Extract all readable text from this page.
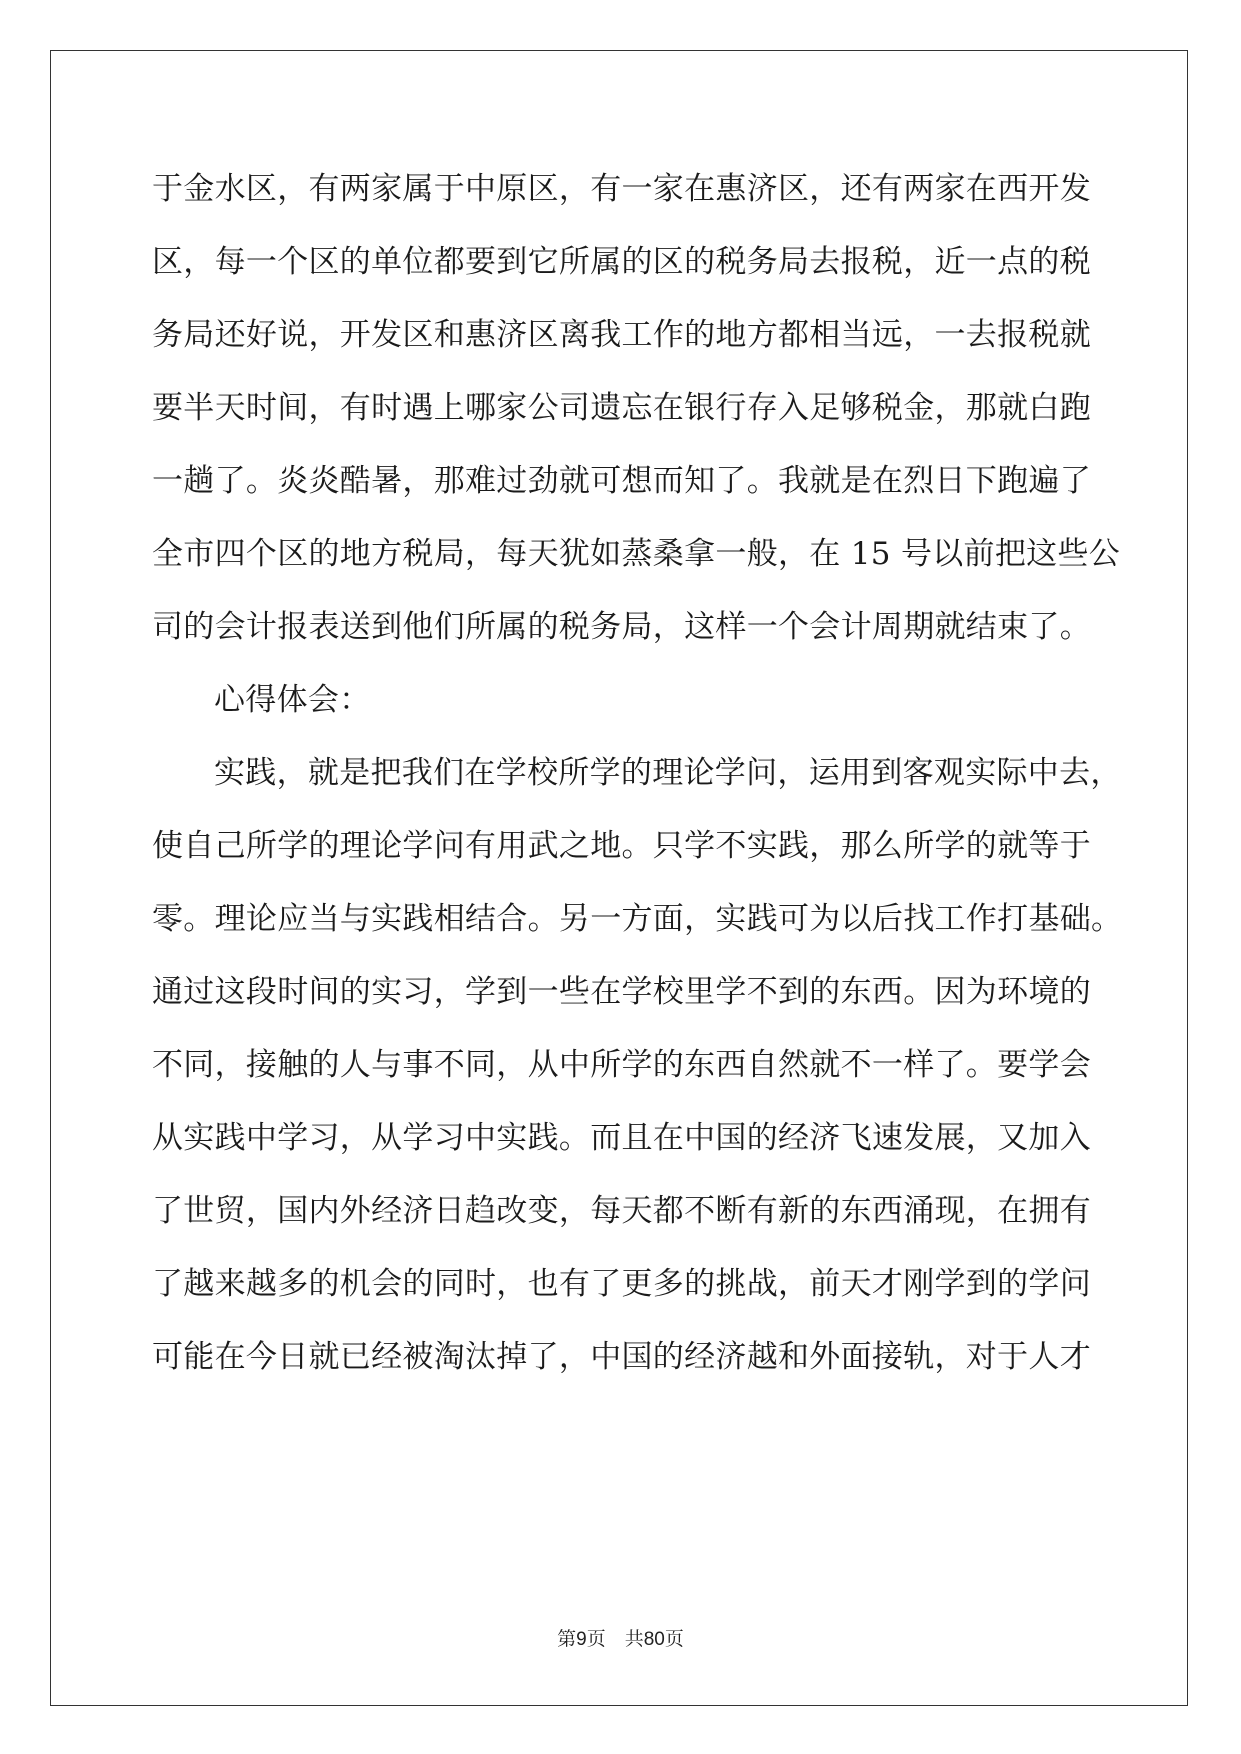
于金水区，有两家属于中原区，有一家在惠济区，还有两家在西开发
区，每一个区的单位都要到它所属的区的税务局去报税，近一点的税
务局还好说，开发区和惠济区离我工作的地方都相当远，一去报税就
要半天时间，有时遇上哪家公司遗忘在银行存入足够税金，那就白跑
一趟了。炎炎酷暑，那难过劲就可想而知了。我就是在烈日下跑遍了
全市四个区的地方税局，每天犹如蒸桑拿一般，在 15 号以前把这些公
司的会计报表送到他们所属的税务局，这样一个会计周期就结束了。
心得体会：
实践，就是把我们在学校所学的理论学问，运用到客观实际中去，
使自己所学的理论学问有用武之地。只学不实践，那么所学的就等于
零。理论应当与实践相结合。另一方面，实践可为以后找工作打基础。
通过这段时间的实习，学到一些在学校里学不到的东西。因为环境的
不同，接触的人与事不同，从中所学的东西自然就不一样了。要学会
从实践中学习，从学习中实践。而且在中国的经济飞速发展，又加入
了世贸，国内外经济日趋改变，每天都不断有新的东西涌现，在拥有
了越来越多的机会的同时，也有了更多的挑战，前天才刚学到的学问
可能在今日就已经被淘汰掉了，中国的经济越和外面接轨，对于人才
第9页　共80页
